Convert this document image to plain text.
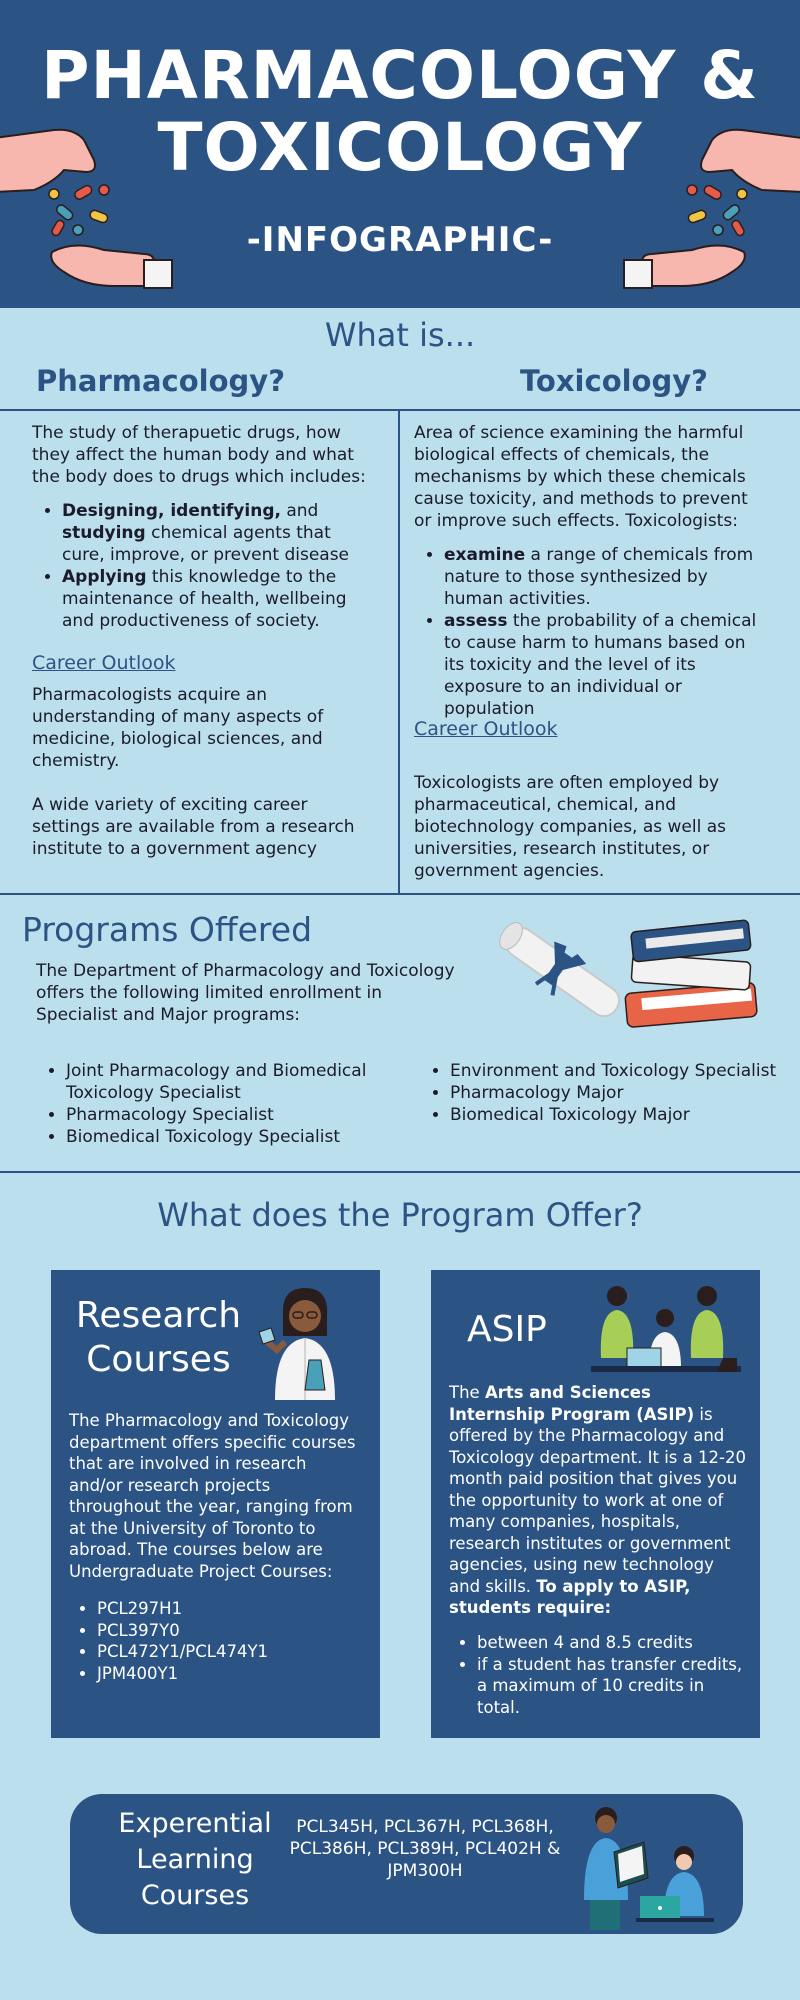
PHARMACOLOGY &
TOXICOLOGY
-INFOGRAPHIC-
What is...
Pharmacology?	Toxicology?

The study of therapuetic drugs, how they affect the human body and what the body does to drugs which includes:

• Designing, identifying, and studying chemical agents that cure, improve, or prevent disease
• Applying this knowledge to the maintenance of health, wellbeing and productiveness of society.
Career Outlook

Pharmacologists acquire an understanding of many aspects of medicine, biological sciences, and chemistry.

A wide variety of exciting career settings are available from a research institute to a government agency

Area of science examining the harmful biological effects of chemicals, the mechanisms by which these chemicals cause toxicity, and methods to prevent or improve such effects. Toxicologists:

• examine a range of chemicals from nature to those synthesized by human activities.
• assess the probability of a chemical to cause harm to humans based on its toxicity and the level of its exposure to an individual or population
Career Outlook

Toxicologists are often employed by pharmaceutical, chemical, and biotechnology companies, as well as universities, research institutes, or government agencies.

Programs Offered

The Department of Pharmacology and Toxicology offers the following limited enrollment in Specialist and Major programs:

• Joint Pharmacology and Biomedical Toxicology Specialist
• Pharmacology Specialist
• Biomedical Toxicology Specialist
• Environment and Toxicology Specialist
• Pharmacology Major
• Biomedical Toxicology Major
What does the Program Offer?
Research
Courses

The Pharmacology and Toxicology department offers specific courses that are involved in research and/or research projects throughout the year, ranging from at the University of Toronto to abroad. The courses below are Undergraduate Project Courses:

• PCL297H1
• PCL397Y0
• PCL472Y1/PCL474Y1
• JPM400Y1
ASIP

The Arts and Sciences Internship Program (ASIP) is offered by the Pharmacology and Toxicology department. It is a 12-20 month paid position that gives you the opportunity to work at one of many companies, hospitals, research institutes or government agencies, using new technology and skills. To apply to ASIP, students require:

• between 4 and 8.5 credits
• if a student has transfer credits, a maximum of 10 credits in total.
Experential
Learning
Courses

PCL345H, PCL367H, PCL368H, PCL386H, PCL389H, PCL402H & JPM300H
